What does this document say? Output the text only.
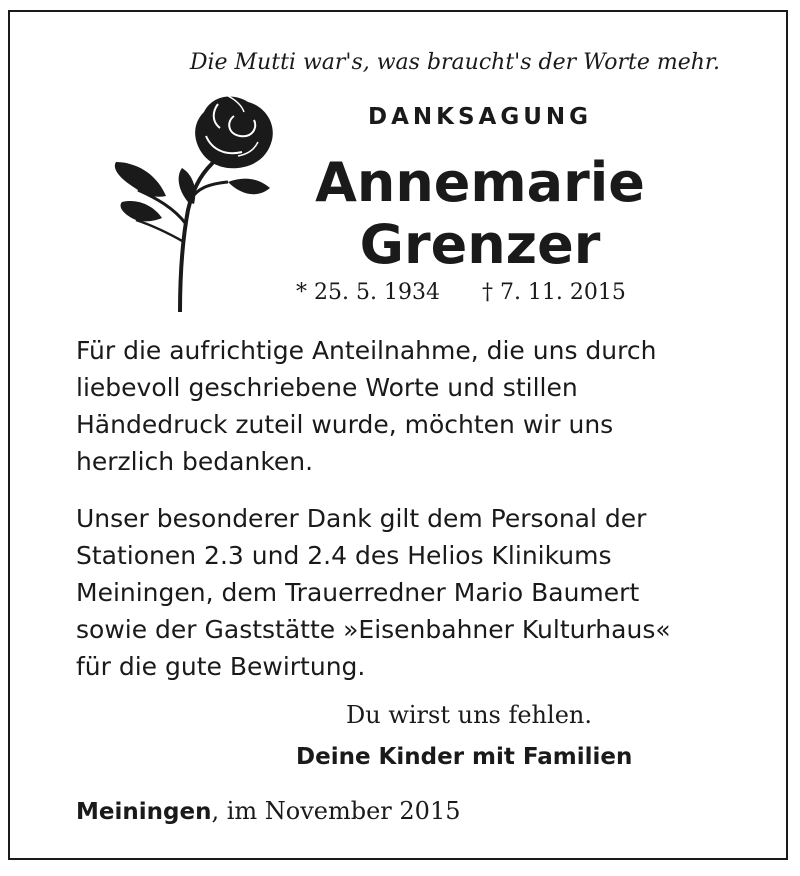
Die Mutti war's, was braucht's der Worte mehr.
DANKSAGUNG
Annemarie
Grenzer
* 25. 5. 1934 † 7. 11. 2015
Für die aufrichtige Anteilnahme, die uns durch
liebevoll geschriebene Worte und stillen
Händedruck zuteil wurde, möchten wir uns
herzlich bedanken.
Unser besonderer Dank gilt dem Personal der
Stationen 2.3 und 2.4 des Helios Klinikums
Meiningen, dem Trauerredner Mario Baumert
sowie der Gaststätte »Eisenbahner Kulturhaus«
für die gute Bewirtung.
Du wirst uns fehlen.
Deine Kinder mit Familien
Meiningen, im November 2015
